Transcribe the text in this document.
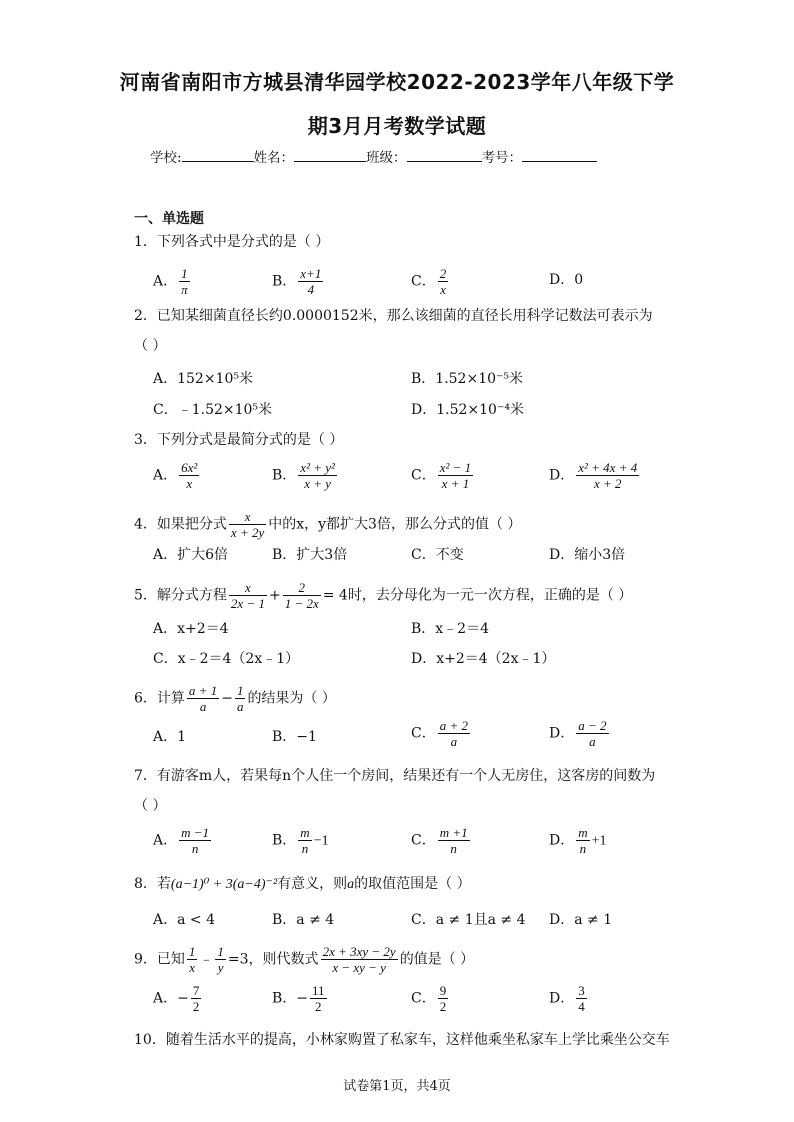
河南省南阳市方城县清华园学校2022-2023学年八年级下学
期3月月考数学试题
学校:	姓名：	班级：	考号：
一、单选题
1．下列各式中是分式的是（ ）
A． $\frac{1}{\pi}$	B． $\frac{x+1}{4}$	C． $\frac{2}{x}$	D．0
2．已知某细菌直径长约0.0000152米，那么该细菌的直径长用科学记数法可表示为
（ ）
A．152×10⁵米	B．1.52×10⁻⁵米
C．﹣1.52×10⁵米	D．1.52×10⁻⁴米
3．下列分式是最简分式的是（ ）
A． $\frac{\text{6x²}}{x}$	B． $\frac{\text{x² + y²}}{x + y}$	C． $\frac{\text{x² − 1}}{x + 1}$	D． $\frac{\text{x² + 4x + 4}}{x + 2}$
4．如果把分式 $\frac{x}{x + 2y}$ 中的x，y都扩大3倍，那么分式的值（ ）
A．扩大6倍	B．扩大3倍	C．不变	D．缩小3倍
5．解分式方程 $\frac{x}{2x - 1} + \frac{2}{1 - 2x} = 4$时，去分母化为一元一次方程，正确的是（ ）
A．x+2＝4	B．x﹣2＝4
C．x﹣2＝4（2x﹣1）	D．x+2＝4（2x﹣1）
6．计算 $\frac{a + 1}{a} - \frac{1}{a}$ 的结果为（ ）
A．1	B．−1	C． $\frac{a + 2}{a}$	D． $\frac{a - 2}{a}$
7．有游客m人，若果每n个人住一个房间，结果还有一个人无房住，这客房的间数为
（ ）
A． $\frac{m -1}{n}$	B． $\frac{m}{n} -1$	C． $\frac{m +1}{n}$	D． $\frac{m}{n} +1$
8．若(a−1)⁰ + 3(a−4)⁻²有意义，则a的取值范围是（ ）
A．a < 4	B．a ≠ 4	C．a ≠ 1且a ≠ 4 D．a ≠ 1
9．已知 $\frac{1}{x}$ ﹣ $\frac{1}{y} =3$，则代数式 $\frac{2x + 3xy - 2y}{x - xy - y}$ 的值是（ ）
A．− $\frac{7}{2}$	B．− $\frac{11}{2}$	C． $\frac{9}{2}$	D． $\frac{3}{4}$
10．随着生活水平的提高，小林家购置了私家车，这样他乘坐私家车上学比乘坐公交车
试卷第1页，共4页
